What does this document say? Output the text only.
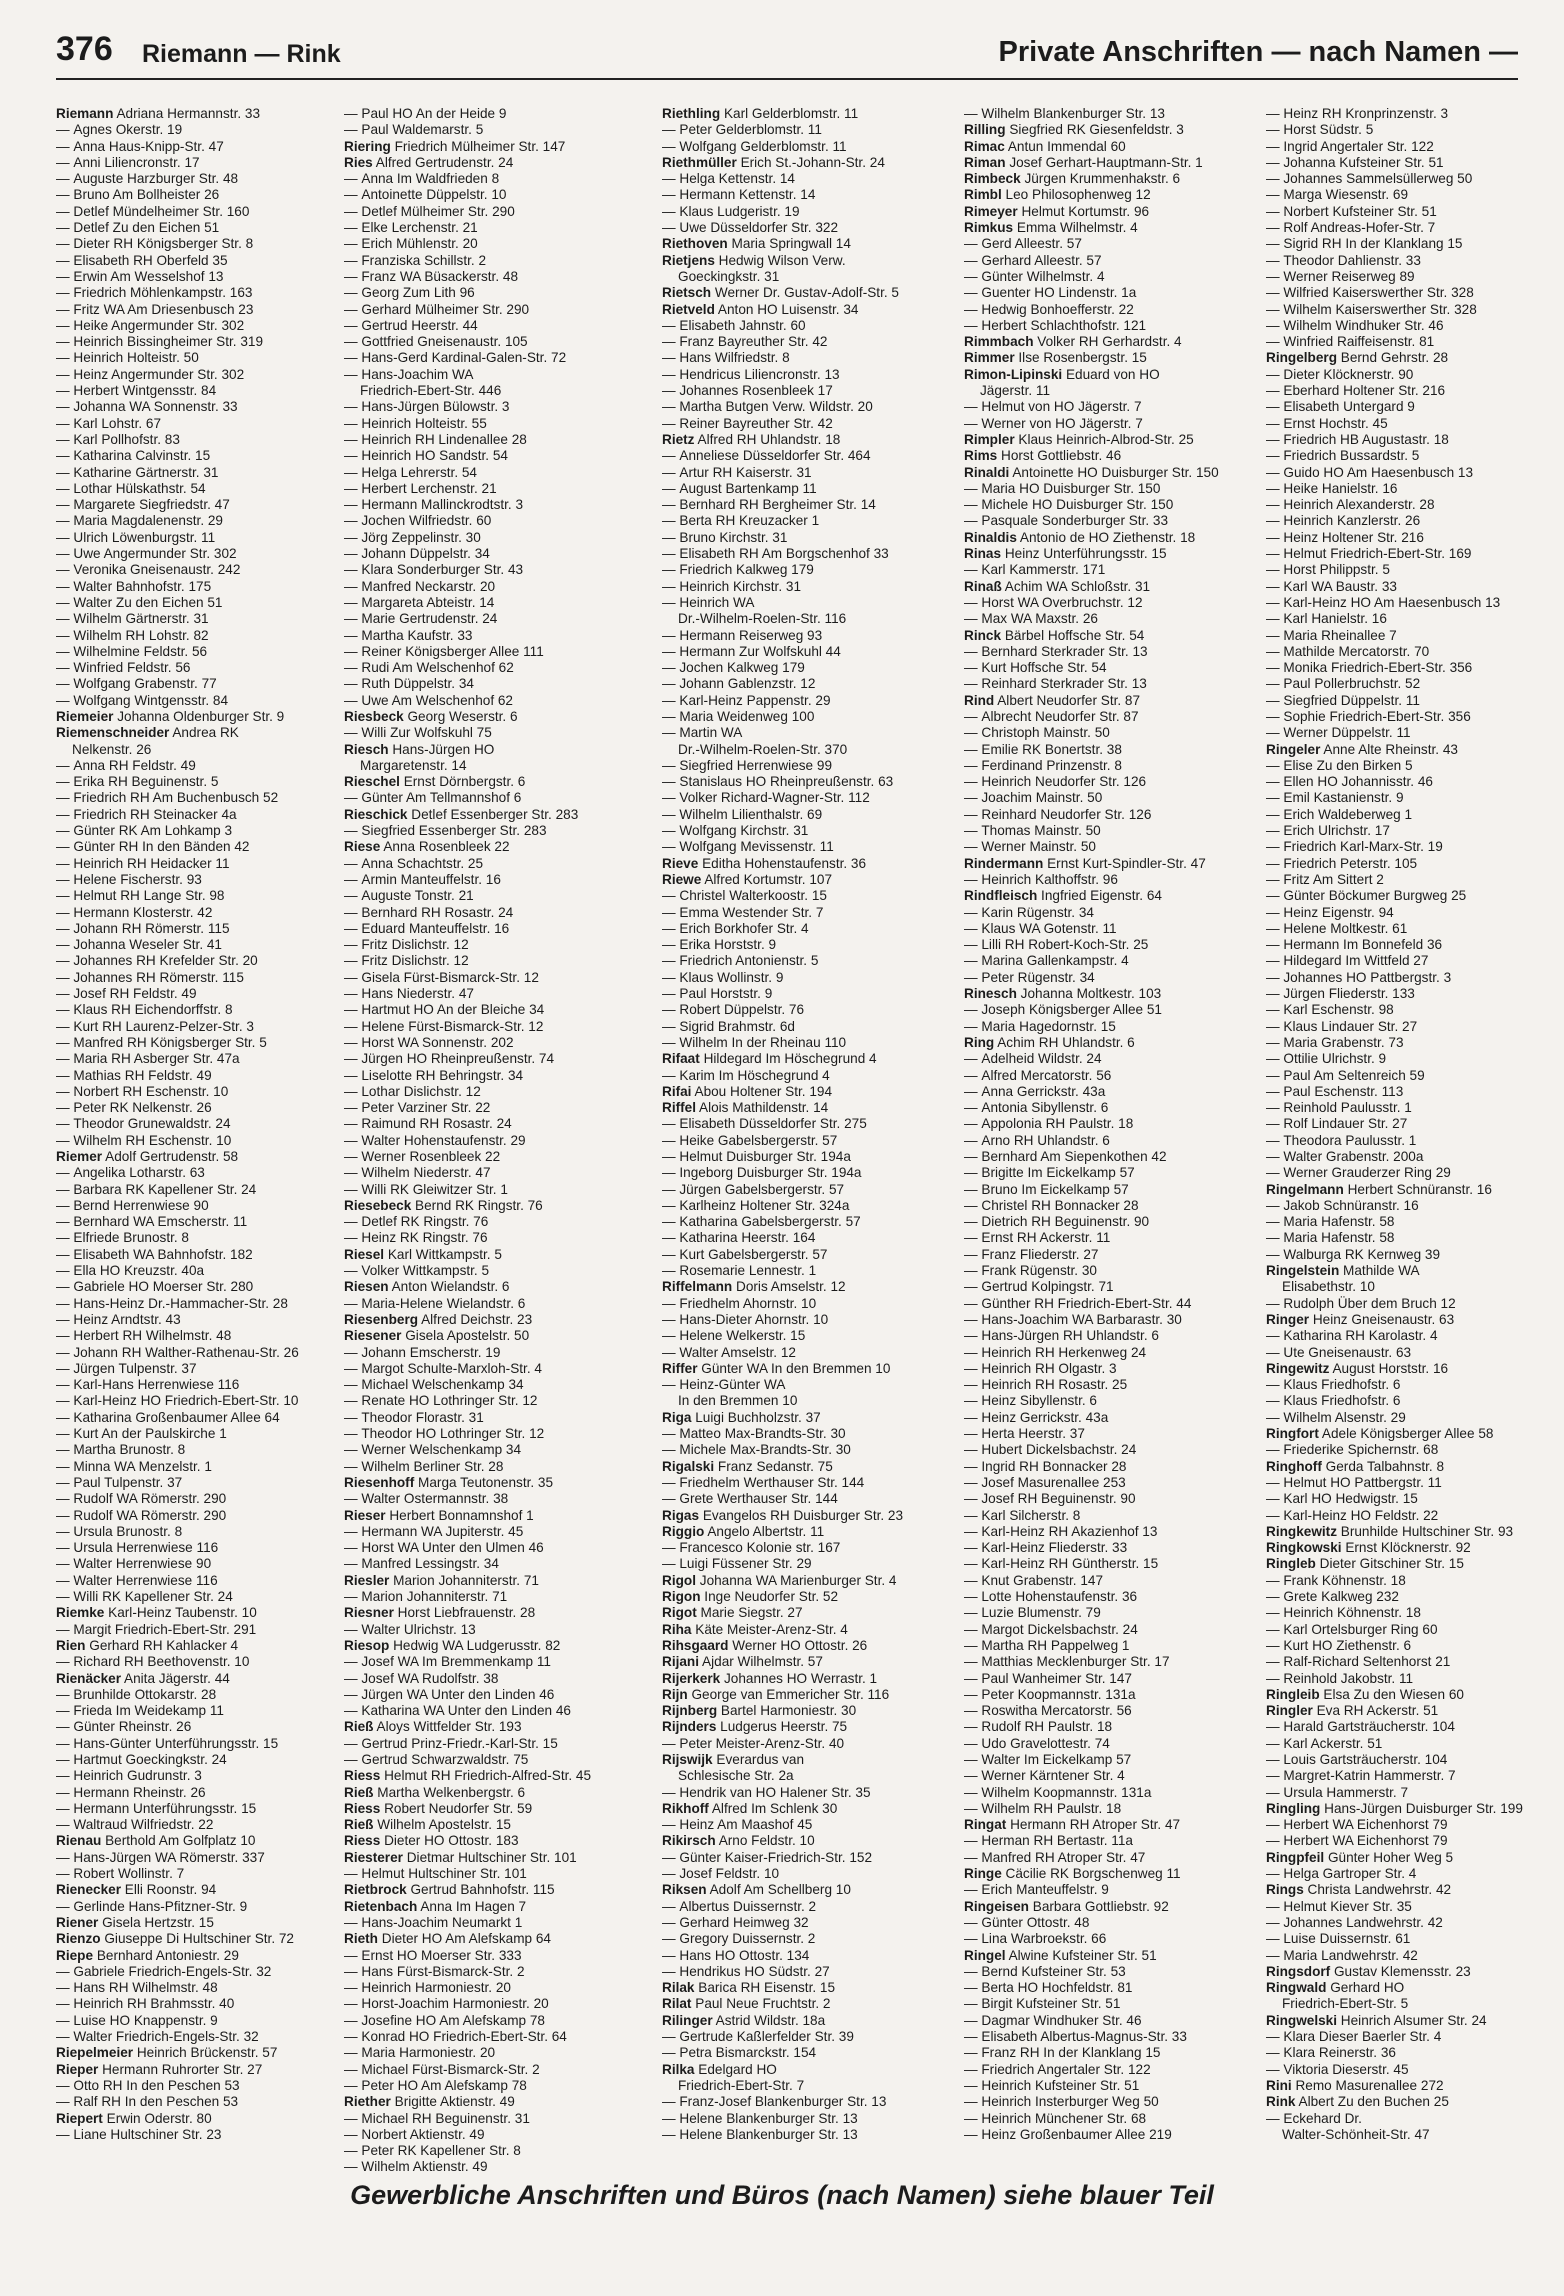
376 Riemann — Rink	Private Anschriften — nach Namen —
Riemann Adriana Hermannstr. 33
— Agnes Okerstr. 19
— Anna Haus-Knipp-Str. 47
— Anni Liliencronstr. 17
— Auguste Harzburger Str. 48
— Bruno Am Bollheister 26
— Detlef Mündelheimer Str. 160
— Detlef Zu den Eichen 51
— Dieter RH Königsberger Str. 8
— Elisabeth RH Oberfeld 35
— Erwin Am Wesselshof 13
— Friedrich Möhlenkampstr. 163
— Fritz WA Am Driesenbusch 23
— Heike Angermunder Str. 302
— Heinrich Bissingheimer Str. 319
— Heinrich Holteistr. 50
— Heinz Angermunder Str. 302
— Herbert Wintgensstr. 84
— Johanna WA Sonnenstr. 33
— Karl Lohstr. 67
— Karl Pollhofstr. 83
— Katharina Calvinstr. 15
— Katharine Gärtnerstr. 31
— Lothar Hülskathstr. 54
— Margarete Siegfriedstr. 47
— Maria Magdalenenstr. 29
— Ulrich Löwenburgstr. 11
— Uwe Angermunder Str. 302
— Veronika Gneisenaustr. 242
— Walter Bahnhofstr. 175
— Walter Zu den Eichen 51
— Wilhelm Gärtnerstr. 31
— Wilhelm RH Lohstr. 82
— Wilhelmine Feldstr. 56
— Winfried Feldstr. 56
— Wolfgang Grabenstr. 77
— Wolfgang Wintgensstr. 84
Riemeier Johanna Oldenburger Str. 9
Riemenschneider Andrea RK
Nelkenstr. 26
— Anna RH Feldstr. 49
— Erika RH Beguinenstr. 5
— Friedrich RH Am Buchenbusch 52
— Friedrich RH Steinacker 4a
— Günter RK Am Lohkamp 3
— Günter RH In den Bänden 42
— Heinrich RH Heidacker 11
— Helene Fischerstr. 93
— Helmut RH Lange Str. 98
— Hermann Klosterstr. 42
— Johann RH Römerstr. 115
— Johanna Weseler Str. 41
— Johannes RH Krefelder Str. 20
— Johannes RH Römerstr. 115
— Josef RH Feldstr. 49
— Klaus RH Eichendorffstr. 8
— Kurt RH Laurenz-Pelzer-Str. 3
— Manfred RH Königsberger Str. 5
— Maria RH Asberger Str. 47a
— Mathias RH Feldstr. 49
— Norbert RH Eschenstr. 10
— Peter RK Nelkenstr. 26
— Theodor Grunewaldstr. 24
— Wilhelm RH Eschenstr. 10
Riemer Adolf Gertrudenstr. 58
— Angelika Lotharstr. 63
— Barbara RK Kapellener Str. 24
— Bernd Herrenwiese 90
— Bernhard WA Emscherstr. 11
— Elfriede Brunostr. 8
— Elisabeth WA Bahnhofstr. 182
— Ella HO Kreuzstr. 40a
— Gabriele HO Moerser Str. 280
— Hans-Heinz Dr.-Hammacher-Str. 28
— Heinz Arndtstr. 43
— Herbert RH Wilhelmstr. 48
— Johann RH Walther-Rathenau-Str. 26
— Jürgen Tulpenstr. 37
— Karl-Hans Herrenwiese 116
— Karl-Heinz HO Friedrich-Ebert-Str. 10
— Katharina Großenbaumer Allee 64
— Kurt An der Paulskirche 1
— Martha Brunostr. 8
— Minna WA Menzelstr. 1
— Paul Tulpenstr. 37
— Rudolf WA Römerstr. 290
— Rudolf WA Römerstr. 290
— Ursula Brunostr. 8
— Ursula Herrenwiese 116
— Walter Herrenwiese 90
— Walter Herrenwiese 116
— Willi RK Kapellener Str. 24
Riemke Karl-Heinz Taubenstr. 10
— Margit Friedrich-Ebert-Str. 291
Rien Gerhard RH Kahlacker 4
— Richard RH Beethovenstr. 10
Rienäcker Anita Jägerstr. 44
— Brunhilde Ottokarstr. 28
— Frieda Im Weidekamp 11
— Günter Rheinstr. 26
— Hans-Günter Unterführungsstr. 15
— Hartmut Goeckingkstr. 24
— Heinrich Gudrunstr. 3
— Hermann Rheinstr. 26
— Hermann Unterführungsstr. 15
— Waltraud Wilfriedstr. 22
Rienau Berthold Am Golfplatz 10
— Hans-Jürgen WA Römerstr. 337
— Robert Wollinstr. 7
Rienecker Elli Roonstr. 94
— Gerlinde Hans-Pfitzner-Str. 9
Riener Gisela Hertzstr. 15
Rienzo Giuseppe Di Hultschiner Str. 72
Riepe Bernhard Antoniestr. 29
— Gabriele Friedrich-Engels-Str. 32
— Hans RH Wilhelmstr. 48
— Heinrich RH Brahmsstr. 40
— Luise HO Knappenstr. 9
— Walter Friedrich-Engels-Str. 32
Riepelmeier Heinrich Brückenstr. 57
Rieper Hermann Ruhrorter Str. 27
— Otto RH In den Peschen 53
— Ralf RH In den Peschen 53
Riepert Erwin Oderstr. 80
— Liane Hultschiner Str. 23
— Paul HO An der Heide 9
— Paul Waldemarstr. 5
Riering Friedrich Mülheimer Str. 147
Ries Alfred Gertrudenstr. 24
— Anna Im Waldfrieden 8
— Antoinette Düppelstr. 10
— Detlef Mülheimer Str. 290
— Elke Lerchenstr. 21
— Erich Mühlenstr. 20
— Franziska Schillstr. 2
— Franz WA Büsackerstr. 48
— Georg Zum Lith 96
— Gerhard Mülheimer Str. 290
— Gertrud Heerstr. 44
— Gottfried Gneisenaustr. 105
— Hans-Gerd Kardinal-Galen-Str. 72
— Hans-Joachim WA
Friedrich-Ebert-Str. 446
— Hans-Jürgen Bülowstr. 3
— Heinrich Holteistr. 55
— Heinrich RH Lindenallee 28
— Heinrich HO Sandstr. 54
— Helga Lehrerstr. 54
— Herbert Lerchenstr. 21
— Hermann Mallinckrodtstr. 3
— Jochen Wilfriedstr. 60
— Jörg Zeppelinstr. 30
— Johann Düppelstr. 34
— Klara Sonderburger Str. 43
— Manfred Neckarstr. 20
— Margareta Abteistr. 14
— Marie Gertrudenstr. 24
— Martha Kaufstr. 33
— Reiner Königsberger Allee 111
— Rudi Am Welschenhof 62
— Ruth Düppelstr. 34
— Uwe Am Welschenhof 62
Riesbeck Georg Weserstr. 6
— Willi Zur Wolfskuhl 75
Riesch Hans-Jürgen HO
Margaretenstr. 14
Rieschel Ernst Dörnbergstr. 6
— Günter Am Tellmannshof 6
Rieschick Detlef Essenberger Str. 283
— Siegfried Essenberger Str. 283
Riese Anna Rosenbleek 22
— Anna Schachtstr. 25
— Armin Manteuffelstr. 16
— Auguste Tonstr. 21
— Bernhard RH Rosastr. 24
— Eduard Manteuffelstr. 16
— Fritz Dislichstr. 12
— Fritz Dislichstr. 12
— Gisela Fürst-Bismarck-Str. 12
— Hans Niederstr. 47
— Hartmut HO An der Bleiche 34
— Helene Fürst-Bismarck-Str. 12
— Horst WA Sonnenstr. 202
— Jürgen HO Rheinpreußenstr. 74
— Liselotte RH Behringstr. 34
— Lothar Dislichstr. 12
— Peter Varziner Str. 22
— Raimund RH Rosastr. 24
— Walter Hohenstaufenstr. 29
— Werner Rosenbleek 22
— Wilhelm Niederstr. 47
— Willi RK Gleiwitzer Str. 1
Riesebeck Bernd RK Ringstr. 76
— Detlef RK Ringstr. 76
— Heinz RK Ringstr. 76
Riesel Karl Wittkampstr. 5
— Volker Wittkampstr. 5
Riesen Anton Wielandstr. 6
— Maria-Helene Wielandstr. 6
Riesenberg Alfred Deichstr. 23
Riesener Gisela Apostelstr. 50
— Johann Emscherstr. 19
— Margot Schulte-Marxloh-Str. 4
— Michael Welschenkamp 34
— Renate HO Lothringer Str. 12
— Theodor Florastr. 31
— Theodor HO Lothringer Str. 12
— Werner Welschenkamp 34
— Wilhelm Berliner Str. 28
Riesenhoff Marga Teutonenstr. 35
— Walter Ostermannstr. 38
Rieser Herbert Bonnamnshof 1
— Hermann WA Jupiterstr. 45
— Horst WA Unter den Ulmen 46
— Manfred Lessingstr. 34
Riesler Marion Johanniterstr. 71
— Marion Johanniterstr. 71
Riesner Horst Liebfrauenstr. 28
— Walter Ulrichstr. 13
Riesop Hedwig WA Ludgerusstr. 82
— Josef WA Im Bremmenkamp 11
— Josef WA Rudolfstr. 38
— Jürgen WA Unter den Linden 46
— Katharina WA Unter den Linden 46
Rieß Aloys Wittfelder Str. 193
— Gertrud Prinz-Friedr.-Karl-Str. 15
— Gertrud Schwarzwaldstr. 75
Riess Helmut RH Friedrich-Alfred-Str. 45
Rieß Martha Welkenbergstr. 6
Riess Robert Neudorfer Str. 59
Rieß Wilhelm Apostelstr. 15
Riess Dieter HO Ottostr. 183
Riesterer Dietmar Hultschiner Str. 101
— Helmut Hultschiner Str. 101
Rietbrock Gertrud Bahnhofstr. 115
Rietenbach Anna Im Hagen 7
— Hans-Joachim Neumarkt 1
Rieth Dieter HO Am Alefskamp 64
— Ernst HO Moerser Str. 333
— Hans Fürst-Bismarck-Str. 2
— Heinrich Harmoniestr. 20
— Horst-Joachim Harmoniestr. 20
— Josefine HO Am Alefskamp 78
— Konrad HO Friedrich-Ebert-Str. 64
— Maria Harmoniestr. 20
— Michael Fürst-Bismarck-Str. 2
— Peter HO Am Alefskamp 78
Riether Brigitte Aktienstr. 49
— Michael RH Beguinenstr. 31
— Norbert Aktienstr. 49
— Peter RK Kapellener Str. 8
— Wilhelm Aktienstr. 49
Riethling Karl Gelderblomstr. 11
— Peter Gelderblomstr. 11
— Wolfgang Gelderblomstr. 11
Riethmüller Erich St.-Johann-Str. 24
— Helga Kettenstr. 14
— Hermann Kettenstr. 14
— Klaus Ludgeristr. 19
— Uwe Düsseldorfer Str. 322
Riethoven Maria Springwall 14
Rietjens Hedwig Wilson Verw.
Goeckingkstr. 31
Rietsch Werner Dr. Gustav-Adolf-Str. 5
Rietveld Anton HO Luisenstr. 34
— Elisabeth Jahnstr. 60
— Franz Bayreuther Str. 42
— Hans Wilfriedstr. 8
— Hendricus Liliencronstr. 13
— Johannes Rosenbleek 17
— Martha Butgen Verw. Wildstr. 20
— Reiner Bayreuther Str. 42
Rietz Alfred RH Uhlandstr. 18
— Anneliese Düsseldorfer Str. 464
— Artur RH Kaiserstr. 31
— August Bartenkamp 11
— Bernhard RH Bergheimer Str. 14
— Berta RH Kreuzacker 1
— Bruno Kirchstr. 31
— Elisabeth RH Am Borgschenhof 33
— Friedrich Kalkweg 179
— Heinrich Kirchstr. 31
— Heinrich WA
Dr.-Wilhelm-Roelen-Str. 116
— Hermann Reiserweg 93
— Hermann Zur Wolfskuhl 44
— Jochen Kalkweg 179
— Johann Gablenzstr. 12
— Karl-Heinz Pappenstr. 29
— Maria Weidenweg 100
— Martin WA
Dr.-Wilhelm-Roelen-Str. 370
— Siegfried Herrenwiese 99
— Stanislaus HO Rheinpreußenstr. 63
— Volker Richard-Wagner-Str. 112
— Wilhelm Lilienthalstr. 69
— Wolfgang Kirchstr. 31
— Wolfgang Mevissenstr. 11
Rieve Editha Hohenstaufenstr. 36
Riewe Alfred Kortumstr. 107
— Christel Walterkoostr. 15
— Emma Westender Str. 7
— Erich Borkhofer Str. 4
— Erika Horststr. 9
— Friedrich Antonienstr. 5
— Klaus Wollinstr. 9
— Paul Horststr. 9
— Robert Düppelstr. 76
— Sigrid Brahmstr. 6d
— Wilhelm In der Rheinau 110
Rifaat Hildegard Im Höschegrund 4
— Karim Im Höschegrund 4
Rifai Abou Holtener Str. 194
Riffel Alois Mathildenstr. 14
— Elisabeth Düsseldorfer Str. 275
— Heike Gabelsbergerstr. 57
— Helmut Duisburger Str. 194a
— Ingeborg Duisburger Str. 194a
— Jürgen Gabelsbergerstr. 57
— Karlheinz Holtener Str. 324a
— Katharina Gabelsbergerstr. 57
— Katharina Heerstr. 164
— Kurt Gabelsbergerstr. 57
— Rosemarie Lennestr. 1
Riffelmann Doris Amselstr. 12
— Friedhelm Ahornstr. 10
— Hans-Dieter Ahornstr. 10
— Helene Welkerstr. 15
— Walter Amselstr. 12
Riffer Günter WA In den Bremmen 10
— Heinz-Günter WA
In den Bremmen 10
Riga Luigi Buchholzstr. 37
— Matteo Max-Brandts-Str. 30
— Michele Max-Brandts-Str. 30
Rigalski Franz Sedanstr. 75
— Friedhelm Werthauser Str. 144
— Grete Werthauser Str. 144
Rigas Evangelos RH Duisburger Str. 23
Riggio Angelo Albertstr. 11
— Francesco Kolonie str. 167
— Luigi Füssener Str. 29
Rigol Johanna WA Marienburger Str. 4
Rigon Inge Neudorfer Str. 52
Rigot Marie Siegstr. 27
Riha Käte Meister-Arenz-Str. 4
Rihsgaard Werner HO Ottostr. 26
Rijani Ajdar Wilhelmstr. 57
Rijerkerk Johannes HO Werrastr. 1
Rijn George van Emmericher Str. 116
Rijnberg Bartel Harmoniestr. 30
Rijnders Ludgerus Heerstr. 75
— Peter Meister-Arenz-Str. 40
Rijswijk Everardus van
Schlesische Str. 2a
— Hendrik van HO Halener Str. 35
Rikhoff Alfred Im Schlenk 30
— Heinz Am Maashof 45
Rikirsch Arno Feldstr. 10
— Günter Kaiser-Friedrich-Str. 152
— Josef Feldstr. 10
Riksen Adolf Am Schellberg 10
— Albertus Duissernstr. 2
— Gerhard Heimweg 32
— Gregory Duissernstr. 2
— Hans HO Ottostr. 134
— Hendrikus HO Südstr. 27
Rilak Barica RH Eisenstr. 15
Rilat Paul Neue Fruchtstr. 2
Rilinger Astrid Wildstr. 18a
— Gertrude Kaßlerfelder Str. 39
— Petra Bismarckstr. 154
Rilka Edelgard HO
Friedrich-Ebert-Str. 7
— Franz-Josef Blankenburger Str. 13
— Helene Blankenburger Str. 13
— Helene Blankenburger Str. 13
— Wilhelm Blankenburger Str. 13
Rilling Siegfried RK Giesenfeldstr. 3
Rimac Antun Immendal 60
Riman Josef Gerhart-Hauptmann-Str. 1
Rimbeck Jürgen Krummenhakstr. 6
Rimbl Leo Philosophenweg 12
Rimeyer Helmut Kortumstr. 96
Rimkus Emma Wilhelmstr. 4
— Gerd Alleestr. 57
— Gerhard Alleestr. 57
— Günter Wilhelmstr. 4
— Guenter HO Lindenstr. 1a
— Hedwig Bonhoefferstr. 22
— Herbert Schlachthofstr. 121
Rimmbach Volker RH Gerhardstr. 4
Rimmer Ilse Rosenbergstr. 15
Rimon-Lipinski Eduard von HO
Jägerstr. 11
— Helmut von HO Jägerstr. 7
— Werner von HO Jägerstr. 7
Rimpler Klaus Heinrich-Albrod-Str. 25
Rims Horst Gottliebstr. 46
Rinaldi Antoinette HO Duisburger Str. 150
— Maria HO Duisburger Str. 150
— Michele HO Duisburger Str. 150
— Pasquale Sonderburger Str. 33
Rinaldis Antonio de HO Ziethenstr. 18
Rinas Heinz Unterführungsstr. 15
— Karl Kammerstr. 171
Rinaß Achim WA Schloßstr. 31
— Horst WA Overbruchstr. 12
— Max WA Maxstr. 26
Rinck Bärbel Hoffsche Str. 54
— Bernhard Sterkrader Str. 13
— Kurt Hoffsche Str. 54
— Reinhard Sterkrader Str. 13
Rind Albert Neudorfer Str. 87
— Albrecht Neudorfer Str. 87
— Christoph Mainstr. 50
— Emilie RK Bonertstr. 38
— Ferdinand Prinzenstr. 8
— Heinrich Neudorfer Str. 126
— Joachim Mainstr. 50
— Reinhard Neudorfer Str. 126
— Thomas Mainstr. 50
— Werner Mainstr. 50
Rindermann Ernst Kurt-Spindler-Str. 47
— Heinrich Kalthoffstr. 96
Rindfleisch Ingfried Eigenstr. 64
— Karin Rügenstr. 34
— Klaus WA Gotenstr. 11
— Lilli RH Robert-Koch-Str. 25
— Marina Gallenkampstr. 4
— Peter Rügenstr. 34
Rinesch Johanna Moltkestr. 103
— Joseph Königsberger Allee 51
— Maria Hagedornstr. 15
Ring Achim RH Uhlandstr. 6
— Adelheid Wildstr. 24
— Alfred Mercatorstr. 56
— Anna Gerrickstr. 43a
— Antonia Sibyllenstr. 6
— Appolonia RH Paulstr. 18
— Arno RH Uhlandstr. 6
— Bernhard Am Siepenkothen 42
— Brigitte Im Eickelkamp 57
— Bruno Im Eickelkamp 57
— Christel RH Bonnacker 28
— Dietrich RH Beguinenstr. 90
— Ernst RH Ackerstr. 11
— Franz Fliederstr. 27
— Frank Rügenstr. 30
— Gertrud Kolpingstr. 71
— Günther RH Friedrich-Ebert-Str. 44
— Hans-Joachim WA Barbarastr. 30
— Hans-Jürgen RH Uhlandstr. 6
— Heinrich RH Herkenweg 24
— Heinrich RH Olgastr. 3
— Heinrich RH Rosastr. 25
— Heinz Sibyllenstr. 6
— Heinz Gerrickstr. 43a
— Herta Heerstr. 37
— Hubert Dickelsbachstr. 24
— Ingrid RH Bonnacker 28
— Josef Masurenallee 253
— Josef RH Beguinenstr. 90
— Karl Silcherstr. 8
— Karl-Heinz RH Akazienhof 13
— Karl-Heinz Fliederstr. 33
— Karl-Heinz RH Güntherstr. 15
— Knut Grabenstr. 147
— Lotte Hohenstaufenstr. 36
— Luzie Blumenstr. 79
— Margot Dickelsbachstr. 24
— Martha RH Pappelweg 1
— Matthias Mecklenburger Str. 17
— Paul Wanheimer Str. 147
— Peter Koopmannstr. 131a
— Roswitha Mercatorstr. 56
— Rudolf RH Paulstr. 18
— Udo Gravelottestr. 74
— Walter Im Eickelkamp 57
— Werner Kärntener Str. 4
— Wilhelm Koopmannstr. 131a
— Wilhelm RH Paulstr. 18
Ringat Hermann RH Atroper Str. 47
— Herman RH Bertastr. 11a
— Manfred RH Atroper Str. 47
Ringe Cäcilie RK Borgschenweg 11
— Erich Manteuffelstr. 9
Ringeisen Barbara Gottliebstr. 92
— Günter Ottostr. 48
— Lina Warbroekstr. 66
Ringel Alwine Kufsteiner Str. 51
— Bernd Kufsteiner Str. 53
— Berta HO Hochfeldstr. 81
— Birgit Kufsteiner Str. 51
— Dagmar Windhuker Str. 46
— Elisabeth Albertus-Magnus-Str. 33
— Franz RH In der Klanklang 15
— Friedrich Angertaler Str. 122
— Heinrich Kufsteiner Str. 51
— Heinrich Insterburger Weg 50
— Heinrich Münchener Str. 68
— Heinz Großenbaumer Allee 219
— Heinz RH Kronprinzenstr. 3
— Horst Südstr. 5
— Ingrid Angertaler Str. 122
— Johanna Kufsteiner Str. 51
— Johannes Sammelsüllerweg 50
— Marga Wiesenstr. 69
— Norbert Kufsteiner Str. 51
— Rolf Andreas-Hofer-Str. 7
— Sigrid RH In der Klanklang 15
— Theodor Dahlienstr. 33
— Werner Reiserweg 89
— Wilfried Kaiserswerther Str. 328
— Wilhelm Kaiserswerther Str. 328
— Wilhelm Windhuker Str. 46
— Winfried Raiffeisenstr. 81
Ringelberg Bernd Gehrstr. 28
— Dieter Klöcknerstr. 90
— Eberhard Holtener Str. 216
— Elisabeth Untergard 9
— Ernst Hochstr. 45
— Friedrich HB Augustastr. 18
— Friedrich Bussardstr. 5
— Guido HO Am Haesenbusch 13
— Heike Hanielstr. 16
— Heinrich Alexanderstr. 28
— Heinrich Kanzlerstr. 26
— Heinz Holtener Str. 216
— Helmut Friedrich-Ebert-Str. 169
— Horst Philippstr. 5
— Karl WA Baustr. 33
— Karl-Heinz HO Am Haesenbusch 13
— Karl Hanielstr. 16
— Maria Rheinallee 7
— Mathilde Mercatorstr. 70
— Monika Friedrich-Ebert-Str. 356
— Paul Pollerbruchstr. 52
— Siegfried Düppelstr. 11
— Sophie Friedrich-Ebert-Str. 356
— Werner Düppelstr. 11
Ringeler Anne Alte Rheinstr. 43
— Elise Zu den Birken 5
— Ellen HO Johannisstr. 46
— Emil Kastanienstr. 9
— Erich Waldeberweg 1
— Erich Ulrichstr. 17
— Friedrich Karl-Marx-Str. 19
— Friedrich Peterstr. 105
— Fritz Am Sittert 2
— Günter Böckumer Burgweg 25
— Heinz Eigenstr. 94
— Helene Moltkestr. 61
— Hermann Im Bonnefeld 36
— Hildegard Im Wittfeld 27
— Johannes HO Pattbergstr. 3
— Jürgen Fliederstr. 133
— Karl Eschenstr. 98
— Klaus Lindauer Str. 27
— Maria Grabenstr. 73
— Ottilie Ulrichstr. 9
— Paul Am Seltenreich 59
— Paul Eschenstr. 113
— Reinhold Paulusstr. 1
— Rolf Lindauer Str. 27
— Theodora Paulusstr. 1
— Walter Grabenstr. 200a
— Werner Grauderzer Ring 29
Ringelmann Herbert Schnüranstr. 16
— Jakob Schnüranstr. 16
— Maria Hafenstr. 58
— Maria Hafenstr. 58
— Walburga RK Kernweg 39
Ringelstein Mathilde WA
Elisabethstr. 10
— Rudolph Über dem Bruch 12
Ringer Heinz Gneisenaustr. 63
— Katharina RH Karolastr. 4
— Ute Gneisenaustr. 63
Ringewitz August Horststr. 16
— Klaus Friedhofstr. 6
— Klaus Friedhofstr. 6
— Wilhelm Alsenstr. 29
Ringfort Adele Königsberger Allee 58
— Friederike Spichernstr. 68
Ringhoff Gerda Talbahnstr. 8
— Helmut HO Pattbergstr. 11
— Karl HO Hedwigstr. 15
— Karl-Heinz HO Feldstr. 22
Ringkewitz Brunhilde Hultschiner Str. 93
Ringkowski Ernst Klöcknerstr. 92
Ringleb Dieter Gitschiner Str. 15
— Frank Köhnenstr. 18
— Grete Kalkweg 232
— Heinrich Köhnenstr. 18
— Karl Ortelsburger Ring 60
— Kurt HO Ziethenstr. 6
— Ralf-Richard Seltenhorst 21
— Reinhold Jakobstr. 11
Ringleib Elsa Zu den Wiesen 60
Ringler Eva RH Ackerstr. 51
— Harald Gartsträucherstr. 104
— Karl Ackerstr. 51
— Louis Gartsträucherstr. 104
— Margret-Katrin Hammerstr. 7
— Ursula Hammerstr. 7
Ringling Hans-Jürgen Duisburger Str. 199
— Herbert WA Eichenhorst 79
— Herbert WA Eichenhorst 79
Ringpfeil Günter Hoher Weg 5
— Helga Gartroper Str. 4
Rings Christa Landwehrstr. 42
— Helmut Kiever Str. 35
— Johannes Landwehrstr. 42
— Luise Duissernstr. 61
— Maria Landwehrstr. 42
Ringsdorf Gustav Klemensstr. 23
Ringwald Gerhard HO
Friedrich-Ebert-Str. 5
Ringwelski Heinrich Alsumer Str. 24
— Klara Dieser Baerler Str. 4
— Klara Reinerstr. 36
— Viktoria Dieserstr. 45
Rini Remo Masurenallee 272
Rink Albert Zu den Buchen 25
— Eckehard Dr.
Walter-Schönheit-Str. 47
Gewerbliche Anschriften und Büros (nach Namen) siehe blauer Teil
